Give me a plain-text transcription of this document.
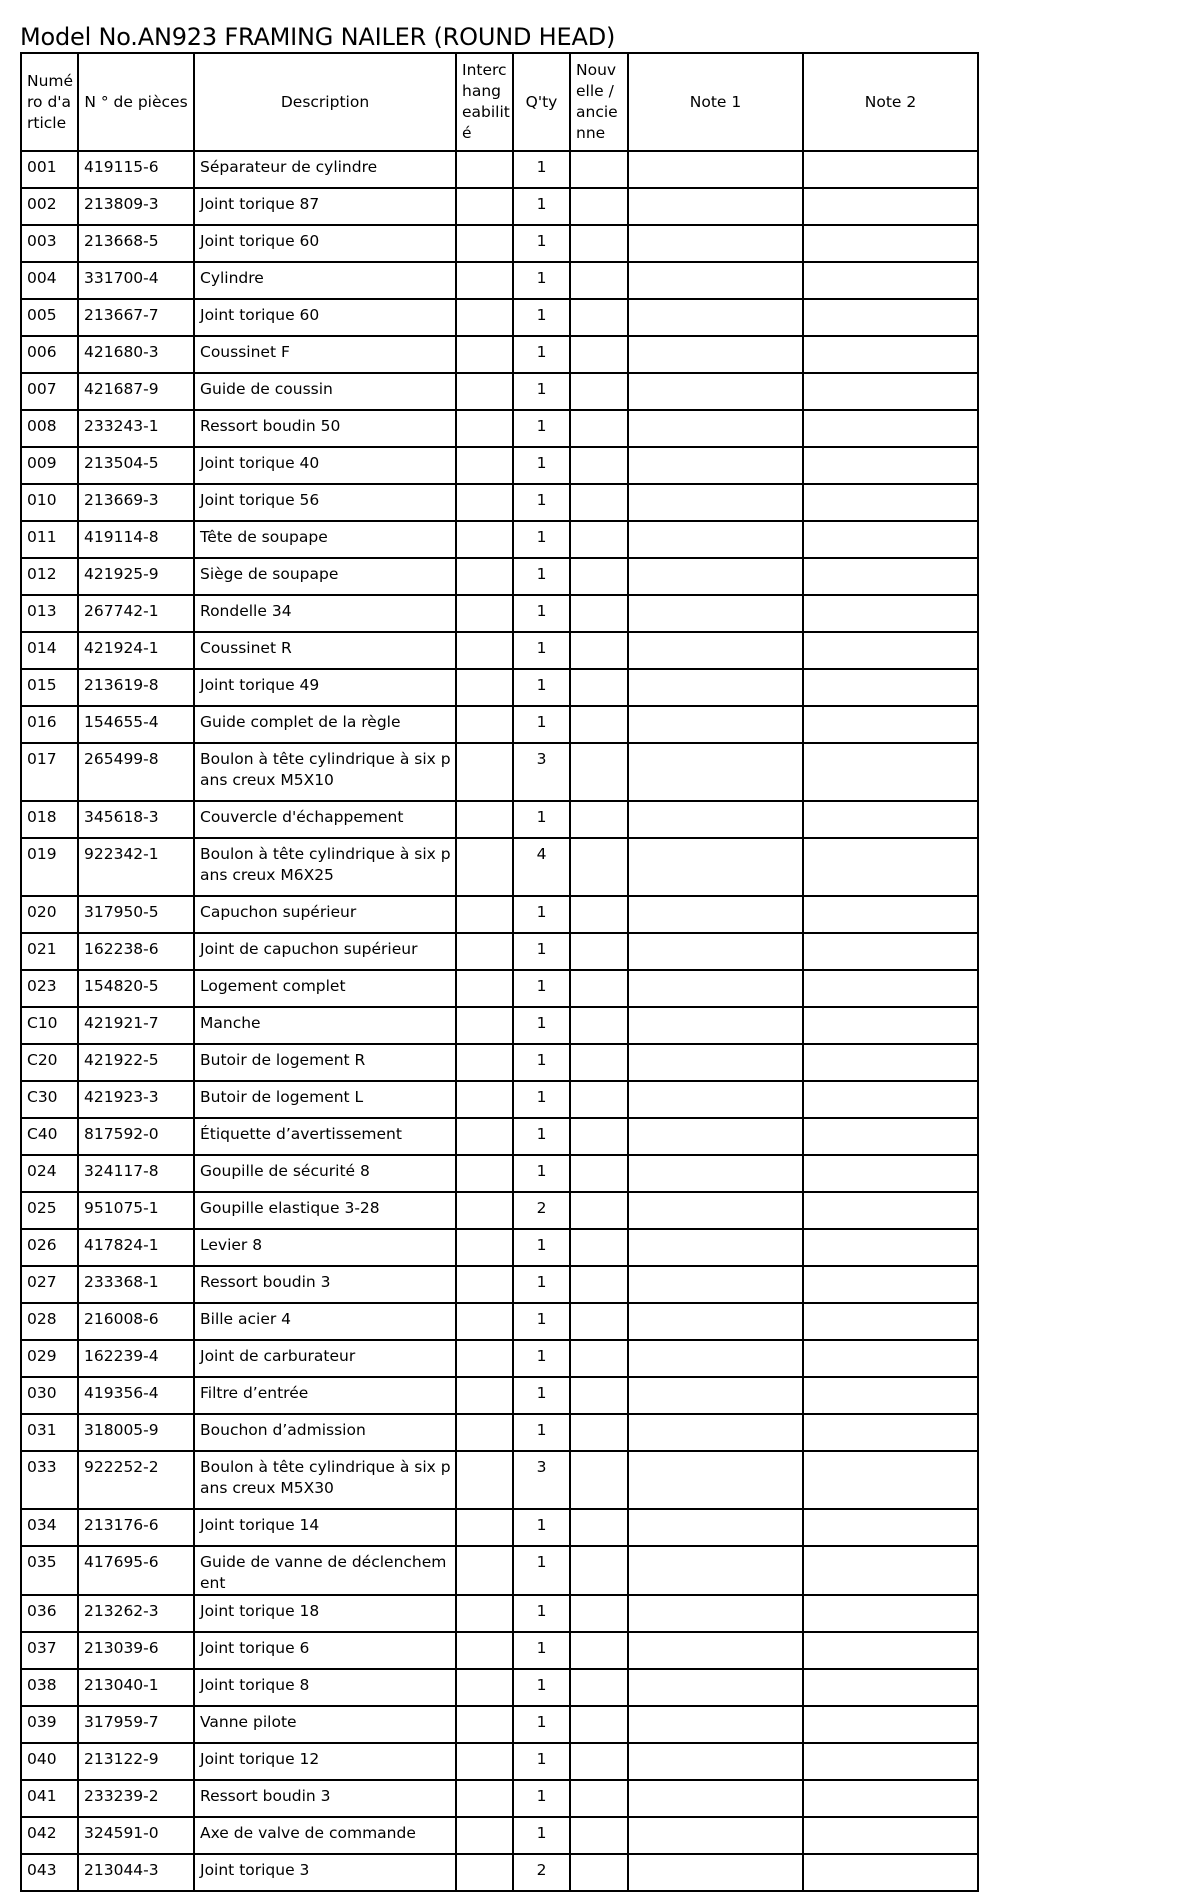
Model No.AN923 FRAMING NAILER (ROUND HEAD)
Numé ro d'a rticle	N ° de pièces	Description	Interc hang eabilit é	Q'ty	Nouv elle / ancie nne	Note 1	Note 2

001	419115-6	Séparateur de cylindre		1			

002	213809-3	Joint torique 87		1			

003	213668-5	Joint torique 60		1			

004	331700-4	Cylindre		1			

005	213667-7	Joint torique 60		1			

006	421680-3	Coussinet F		1			

007	421687-9	Guide de coussin		1			

008	233243-1	Ressort boudin 50		1			

009	213504-5	Joint torique 40		1			

010	213669-3	Joint torique 56		1			

011	419114-8	Tête de soupape		1			

012	421925-9	Siège de soupape		1			

013	267742-1	Rondelle 34		1			

014	421924-1	Coussinet R		1			

015	213619-8	Joint torique 49		1			

016	154655-4	Guide complet de la règle		1			

017	265499-8	Boulon à tête cylindrique à six pans creux M5X10		3			

018	345618-3	Couvercle d'échappement		1			

019	922342-1	Boulon à tête cylindrique à six pans creux M6X25		4			

020	317950-5	Capuchon supérieur		1			

021	162238-6	Joint de capuchon supérieur		1			

023	154820-5	Logement complet		1			

C10	421921-7	Manche		1			

C20	421922-5	Butoir de logement R		1			

C30	421923-3	Butoir de logement L		1			

C40	817592-0	Étiquette d’avertissement		1			

024	324117-8	Goupille de sécurité 8		1			

025	951075-1	Goupille elastique 3-28		2			

026	417824-1	Levier 8		1			

027	233368-1	Ressort boudin 3		1			

028	216008-6	Bille acier 4		1			

029	162239-4	Joint de carburateur		1			

030	419356-4	Filtre d’entrée		1			

031	318005-9	Bouchon d’admission		1			

033	922252-2	Boulon à tête cylindrique à six pans creux M5X30		3			

034	213176-6	Joint torique 14		1			

035	417695-6	Guide de vanne de déclenchement		1			

036	213262-3	Joint torique 18		1			

037	213039-6	Joint torique 6		1			

038	213040-1	Joint torique 8		1			

039	317959-7	Vanne pilote		1			

040	213122-9	Joint torique 12		1			

041	233239-2	Ressort boudin 3		1			

042	324591-0	Axe de valve de commande		1			

043	213044-3	Joint torique 3		2			
